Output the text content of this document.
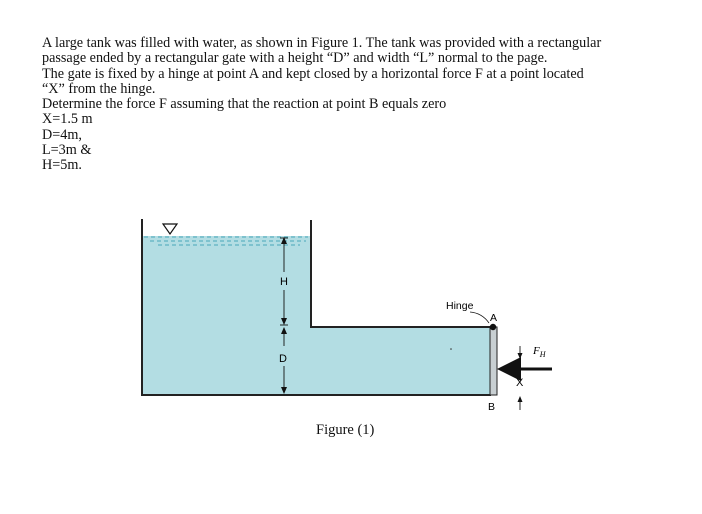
A large tank was filled with water, as shown in Figure 1. The tank was provided with a rectangular

passage ended by a rectangular gate with a height “D” and width “L” normal to the page.

The gate is fixed by a hinge at point A and kept closed by a horizontal force F at a point located

“X” from the hinge.

Determine the force F assuming that the reaction at point B equals zero

X=1.5 m

D=4m,

L=3m &

H=5m.

H
D
Hinge
A
$F_H$
X
B
Figure (1)
